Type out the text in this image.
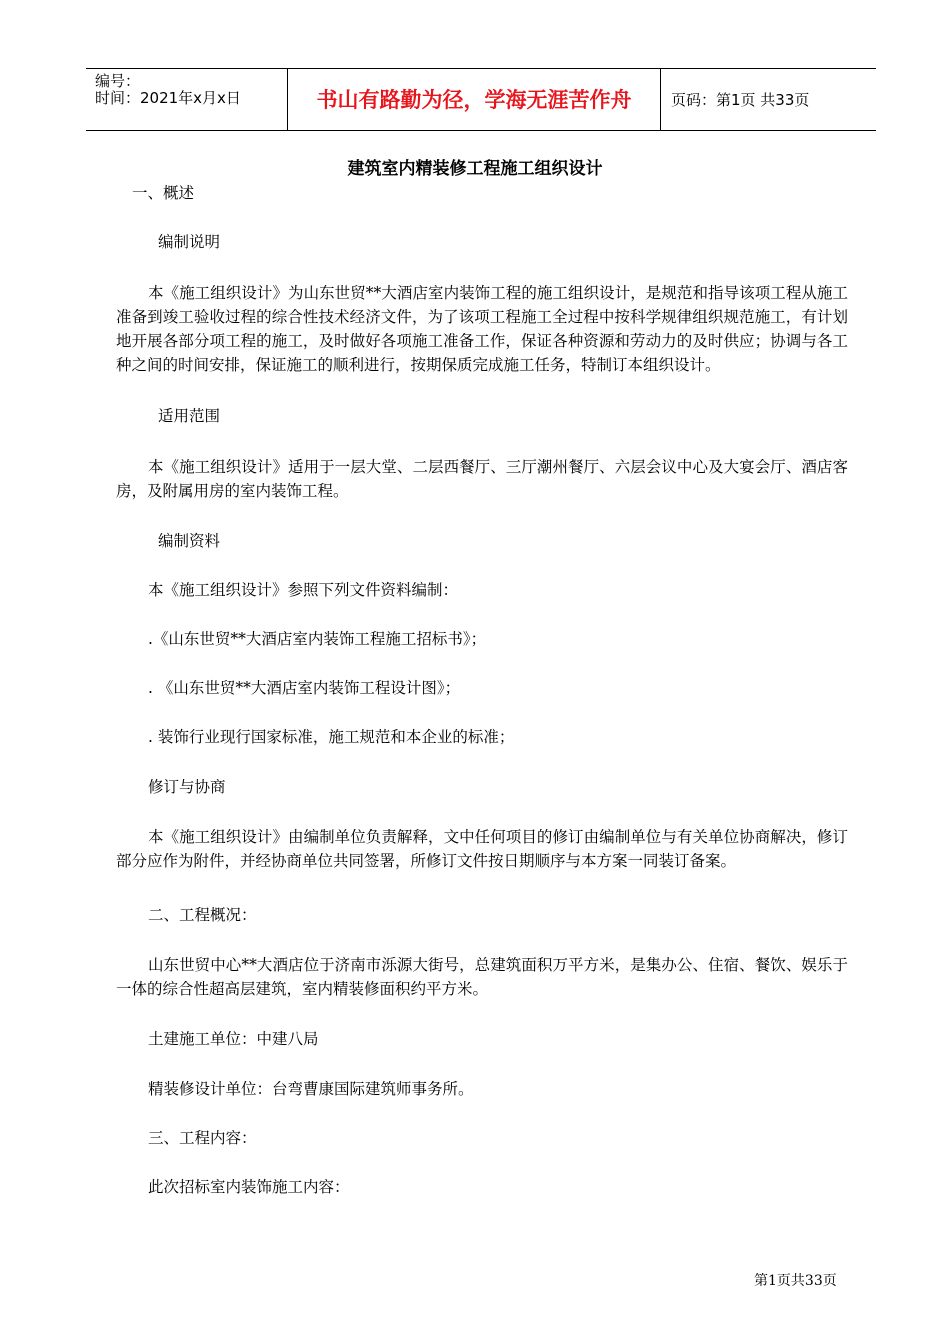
编号：
时间：2021年x月x日	书山有路勤为径，学海无涯苦作舟	页码：第1页 共33页
建筑室内精装修工程施工组织设计
一、概述
编制说明
本《施工组织设计》为山东世贸**大酒店室内装饰工程的施工组织设计，是规范和指导该项工程从施工准备到竣工验收过程的综合性技术经济文件，为了该项工程施工全过程中按科学规律组织规范施工，有计划地开展各部分项工程的施工，及时做好各项施工准备工作，保证各种资源和劳动力的及时供应；协调与各工种之间的时间安排，保证施工的顺利进行，按期保质完成施工任务，特制订本组织设计。
适用范围
本《施工组织设计》适用于一层大堂、二层西餐厅、三厅潮州餐厅、六层会议中心及大宴会厅、酒店客房，及附属用房的室内装饰工程。
编制资料
本《施工组织设计》参照下列文件资料编制：
.《山东世贸**大酒店室内装饰工程施工招标书》；
. 《山东世贸**大酒店室内装饰工程设计图》；
. 装饰行业现行国家标准，施工规范和本企业的标准；
修订与协商
本《施工组织设计》由编制单位负责解释，文中任何项目的修订由编制单位与有关单位协商解决，修订部分应作为附件，并经协商单位共同签署，所修订文件按日期顺序与本方案一同装订备案。
二、工程概况：
山东世贸中心**大酒店位于济南市泺源大街号，总建筑面积万平方米，是集办公、住宿、餐饮、娱乐于一体的综合性超高层建筑，室内精装修面积约平方米。
土建施工单位：中建八局
精装修设计单位：台弯曹康国际建筑师事务所。
三、工程内容：
此次招标室内装饰施工内容：
第1页共33页
